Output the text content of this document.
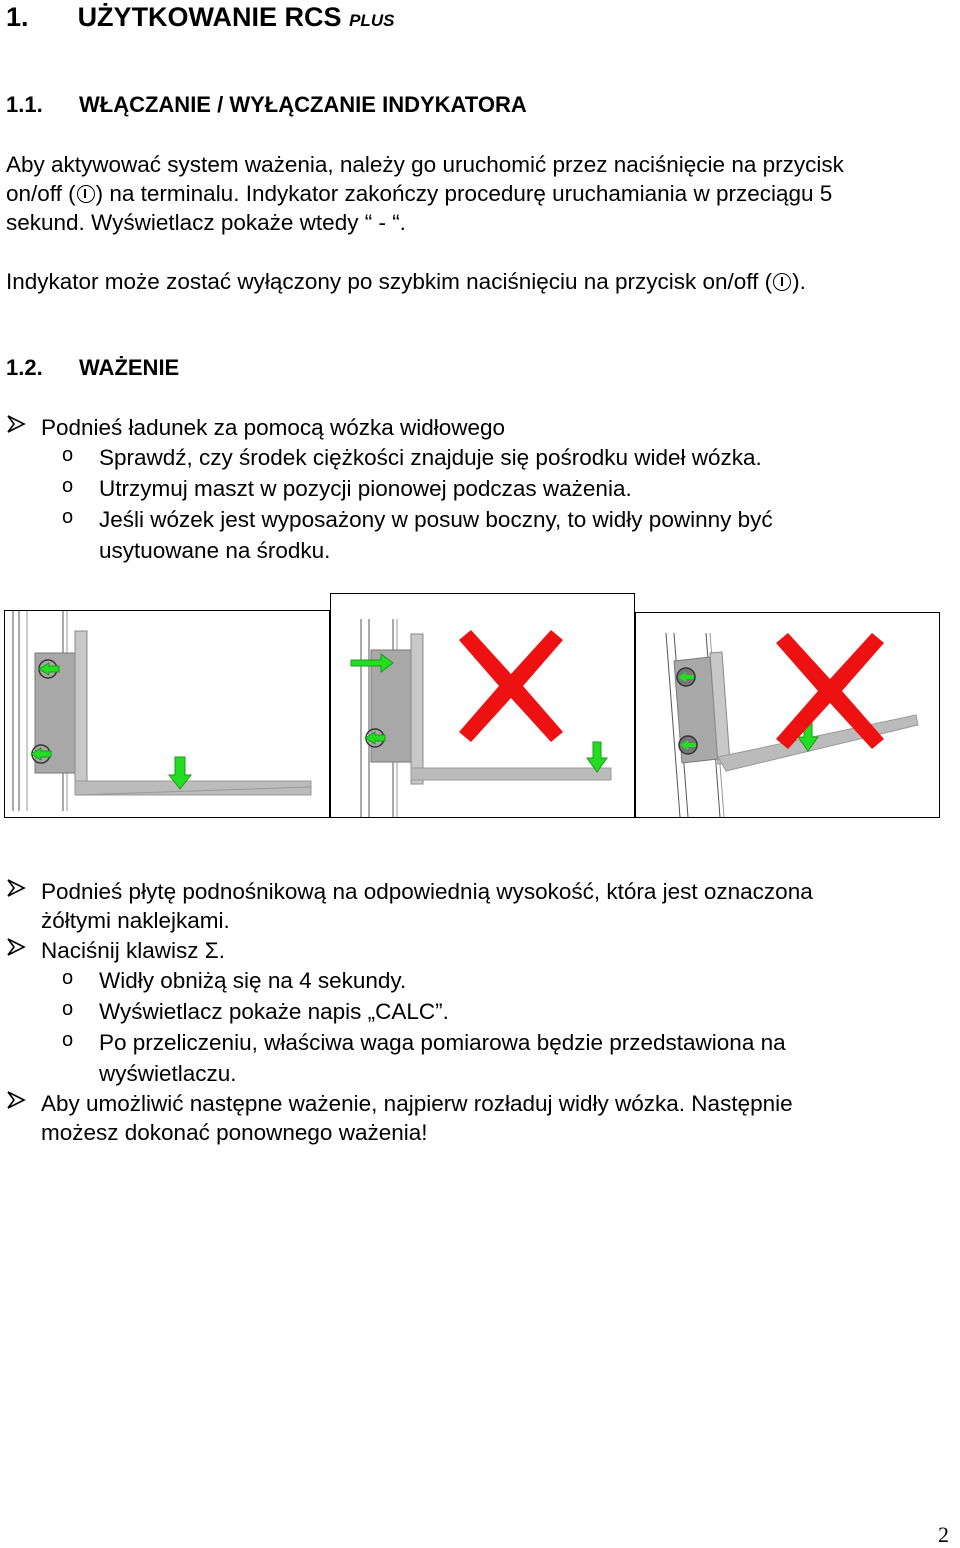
1. UŻYTKOWANIE RCS PLUS
1.1. WŁĄCZANIE / WYŁĄCZANIE INDYKATORA
Aby aktywować system ważenia, należy go uruchomić przez naciśnięcie na przycisk
on/off ( ) na terminalu. Indykator zakończy procedurę uruchamiania w przeciągu 5
sekund. Wyświetlacz pokaże wtedy “ - “.
Indykator może zostać wyłączony po szybkim naciśnięciu na przycisk on/off ( ).
1.2. WAŻENIE
Podnieś ładunek za pomocą wózka widłowego
o Sprawdź, czy środek ciężkości znajduje się pośrodku wideł wózka.
o Utrzymuj maszt w pozycji pionowej podczas ważenia.
o Jeśli wózek jest wyposażony w posuw boczny, to widły powinny być
usytuowane na środku.
Podnieś płytę podnośnikową na odpowiednią wysokość, która jest oznaczona
żółtymi naklejkami.
Naciśnij klawisz Σ.
o Widły obniżą się na 4 sekundy.
o Wyświetlacz pokaże napis „CALC”.
o Po przeliczeniu, właściwa waga pomiarowa będzie przedstawiona na
wyświetlaczu.
Aby umożliwić następne ważenie, najpierw rozładuj widły wózka. Następnie
możesz dokonać ponownego ważenia!
2
